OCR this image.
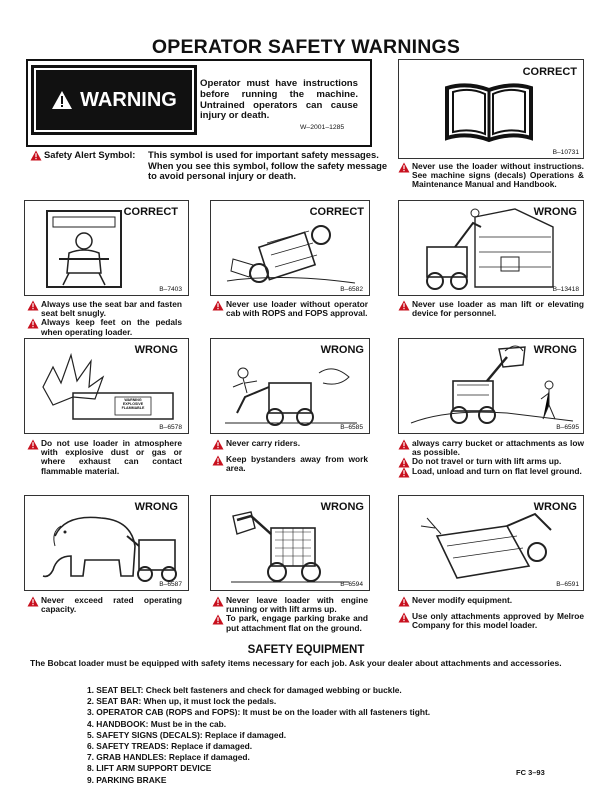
OPERATOR SAFETY WARNINGS
WARNING
Operator must have instructions before running the machine. Untrained operators can cause injury or death.
W–2001–1285
Safety Alert Symbol: This symbol is used for important safety messages. When you see this symbol, follow the safety message to avoid personal injury or death.
CORRECT
B–10731
Never use the loader without instructions. See machine signs (decals) Operations & Maintenance Manual and Handbook.
CORRECT
B–7403
Always use the seat bar and fasten seat belt snugly.
Always keep feet on the pedals when operating loader.
CORRECT
B–6582
Never use loader without operator cab with ROPS and FOPS approval.
WRONG
B–13418
Never use loader as man lift or elevating device for personnel.
WRONG
WARNING
EXPLOSIVE
FLAMMABLE
B–6578
Do not use loader in atmosphere with explosive dust or gas or where exhaust can contact flammable material.
WRONG
B–6585
Never carry riders.
Keep bystanders away from work area.
WRONG
B–6595
always carry bucket or attachments as low as possible.
Do not travel or turn with lift arms up.
Load, unload and turn on flat level ground.
WRONG
B–6587
Never exceed rated operating capacity.
WRONG
B–6594
Never leave loader with engine running or with lift arms up.
To park, engage parking brake and put attachment flat on the ground.
WRONG
B–6591
Never modify equipment.
Use only attachments approved by Melroe Company for this model loader.
SAFETY EQUIPMENT
The Bobcat loader must be equipped with safety items necessary for each job. Ask your dealer about attachments and accessories.
1. SEAT BELT: Check belt fasteners and check for damaged webbing or buckle.
2. SEAT BAR: When up, it must lock the pedals.
3. OPERATOR CAB (ROPS and FOPS): It must be on the loader with all fasteners tight.
4. HANDBOOK: Must be in the cab.
5. SAFETY SIGNS (DECALS): Replace if damaged.
6. SAFETY TREADS: Replace if damaged.
7. GRAB HANDLES: Replace if damaged.
8. LIFT ARM SUPPORT DEVICE
9. PARKING BRAKE
FC 3–93
